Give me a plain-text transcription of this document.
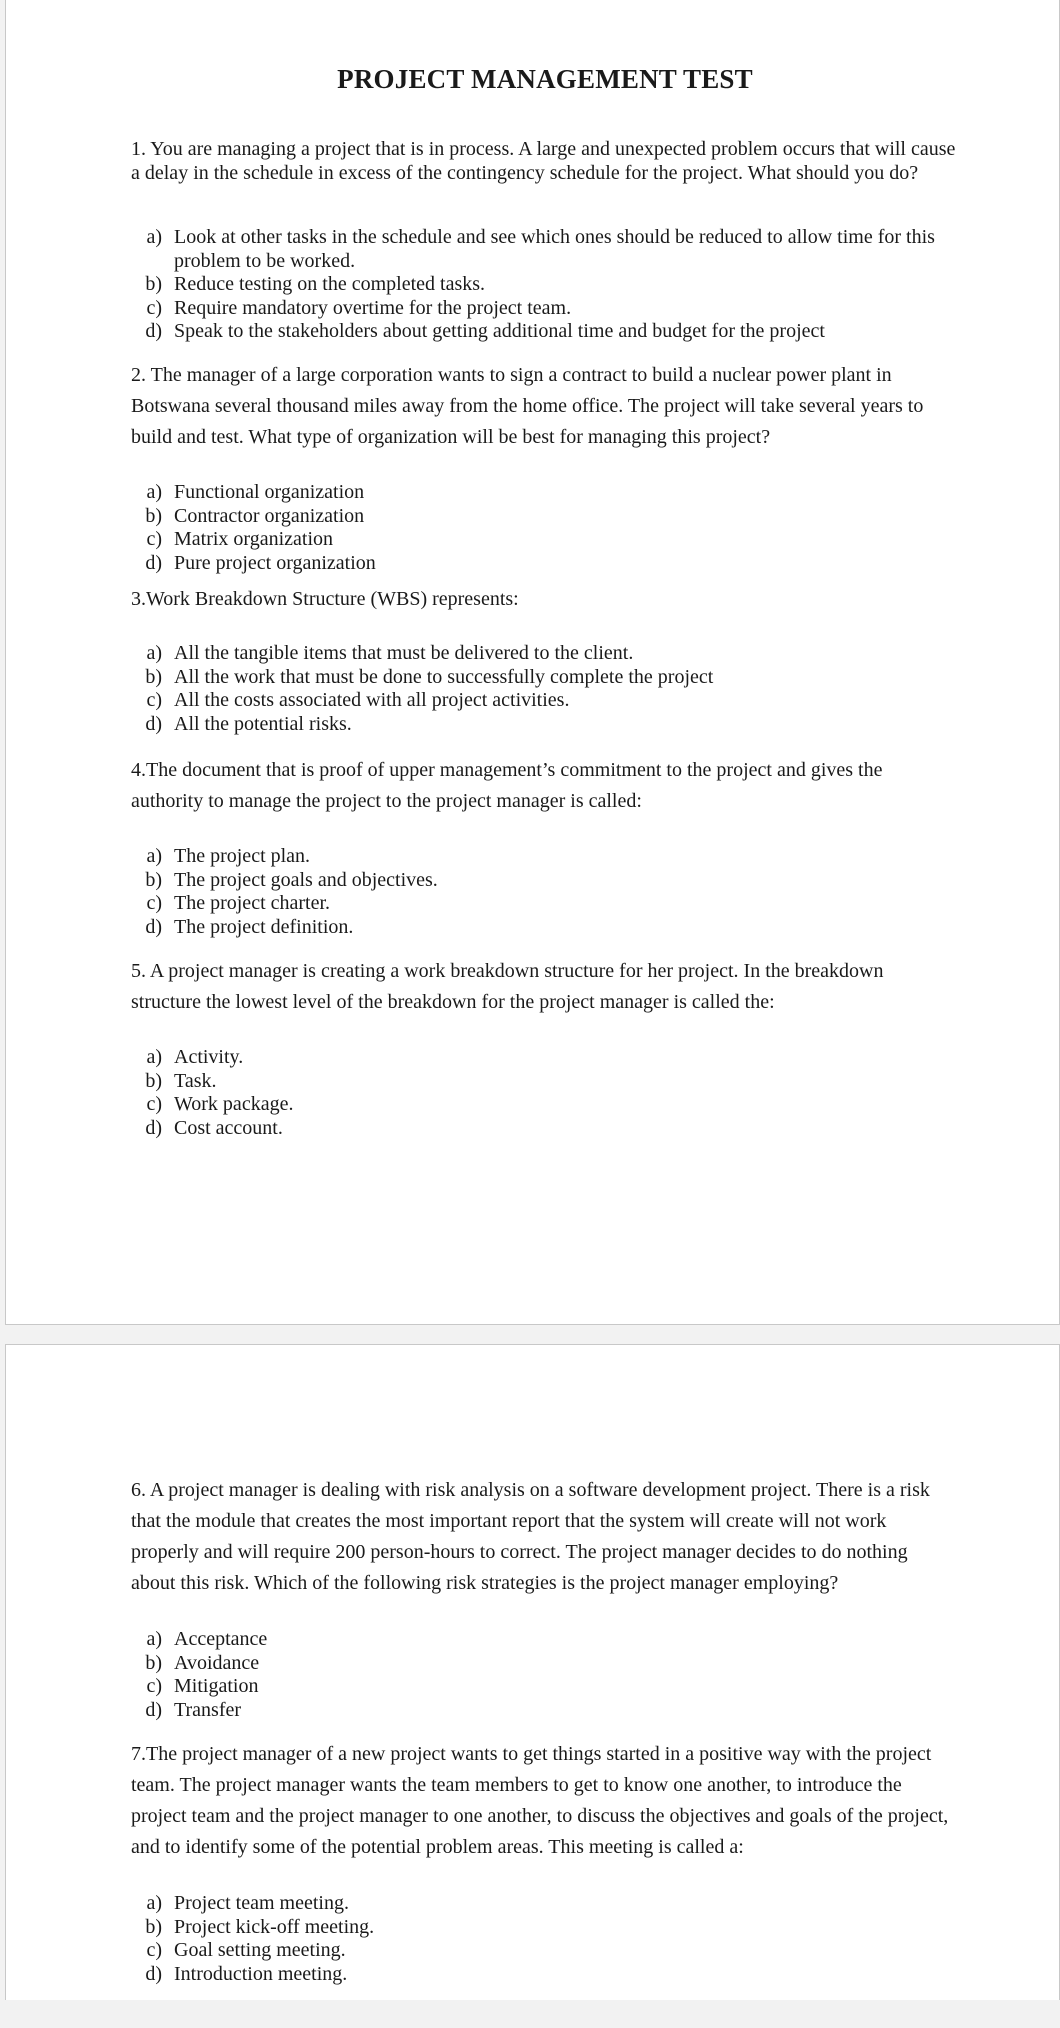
PROJECT MANAGEMENT TEST

1. You are managing a project that is in process. A large and unexpected problem occurs that will cause a delay in the schedule in excess of the contingency schedule for the project. What should you do?

a) Look at other tasks in the schedule and see which ones should be reduced to allow time for this problem to be worked.
b) Reduce testing on the completed tasks.
c) Require mandatory overtime for the project team.
d) Speak to the stakeholders about getting additional time and budget for the project

2. The manager of a large corporation wants to sign a contract to build a nuclear power plant in Botswana several thousand miles away from the home office. The project will take several years to build and test. What type of organization will be best for managing this project?

a) Functional organization
b) Contractor organization
c) Matrix organization
d) Pure project organization

3.Work Breakdown Structure (WBS) represents:

a) All the tangible items that must be delivered to the client.
b) All the work that must be done to successfully complete the project
c) All the costs associated with all project activities.
d) All the potential risks.

4.The document that is proof of upper management’s commitment to the project and gives the authority to manage the project to the project manager is called:

a) The project plan.
b) The project goals and objectives.
c) The project charter.
d) The project definition.

5. A project manager is creating a work breakdown structure for her project. In the breakdown structure the lowest level of the breakdown for the project manager is called the:

a) Activity.
b) Task.
c) Work package.
d) Cost account.

6. A project manager is dealing with risk analysis on a software development project. There is a risk that the module that creates the most important report that the system will create will not work properly and will require 200 person-hours to correct. The project manager decides to do nothing about this risk. Which of the following risk strategies is the project manager employing?

a) Acceptance
b) Avoidance
c) Mitigation
d) Transfer

7.The project manager of a new project wants to get things started in a positive way with the project team. The project manager wants the team members to get to know one another, to introduce the project team and the project manager to one another, to discuss the objectives and goals of the project, and to identify some of the potential problem areas. This meeting is called a:

a) Project team meeting.
b) Project kick-off meeting.
c) Goal setting meeting.
d) Introduction meeting.
